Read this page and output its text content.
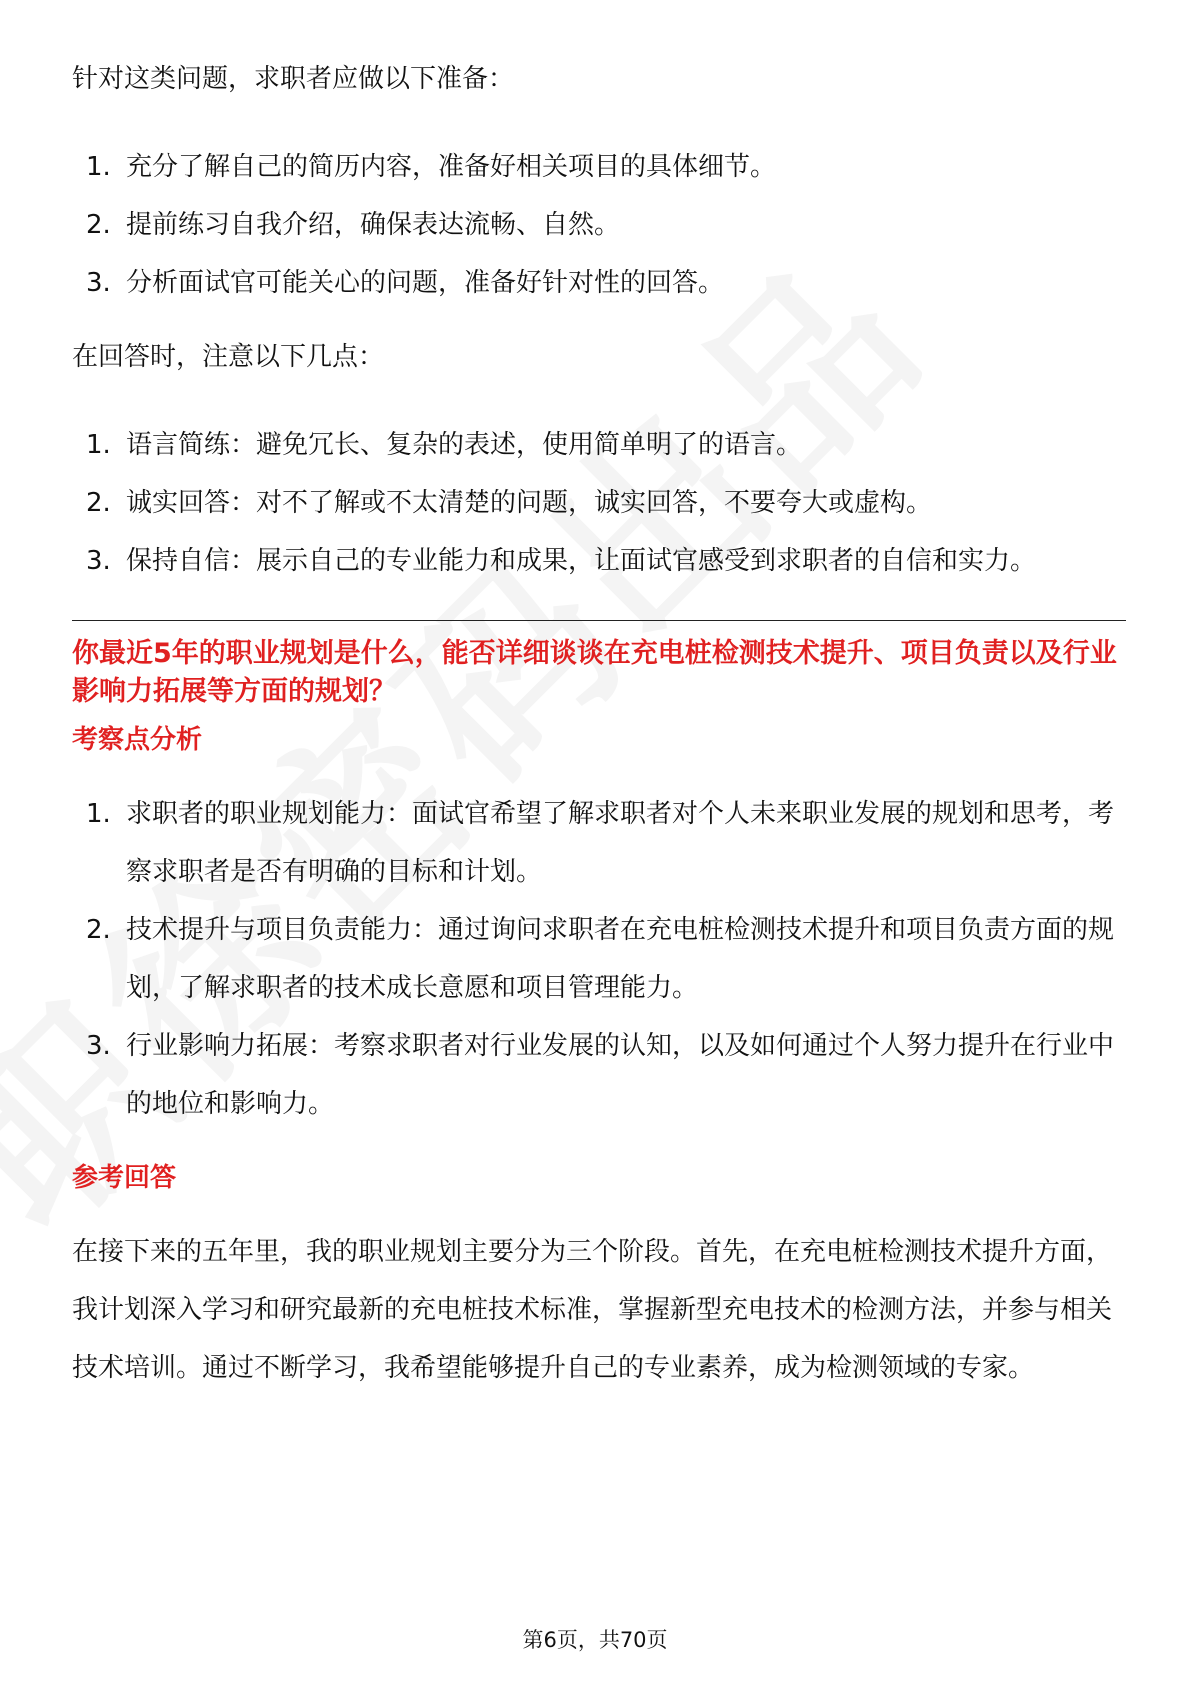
针对这类问题，求职者应做以下准备：

1. 充分了解自己的简历内容，准备好相关项目的具体细节。
2. 提前练习自我介绍，确保表达流畅、自然。
3. 分析面试官可能关心的问题，准备好针对性的回答。

在回答时，注意以下几点：

1. 语言简练：避免冗长、复杂的表述，使用简单明了的语言。
2. 诚实回答：对不了解或不太清楚的问题，诚实回答，不要夸大或虚构。
3. 保持自信：展示自己的专业能力和成果，让面试官感受到求职者的自信和实力。

你最近5年的职业规划是什么，能否详细谈谈在充电桩检测技术提升、项目负责以及行业影响力拓展等方面的规划？

考察点分析

1. 求职者的职业规划能力：面试官希望了解求职者对个人未来职业发展的规划和思考，考察求职者是否有明确的目标和计划。
2. 技术提升与项目负责能力：通过询问求职者在充电桩检测技术提升和项目负责方面的规划，了解求职者的技术成长意愿和项目管理能力。
3. 行业影响力拓展：考察求职者对行业发展的认知，以及如何通过个人努力提升在行业中的地位和影响力。

参考回答

在接下来的五年里，我的职业规划主要分为三个阶段。首先，在充电桩检测技术提升方面，我计划深入学习和研究最新的充电桩技术标准，掌握新型充电技术的检测方法，并参与相关技术培训。通过不断学习，我希望能够提升自己的专业素养，成为检测领域的专家。

第6页，共70页
